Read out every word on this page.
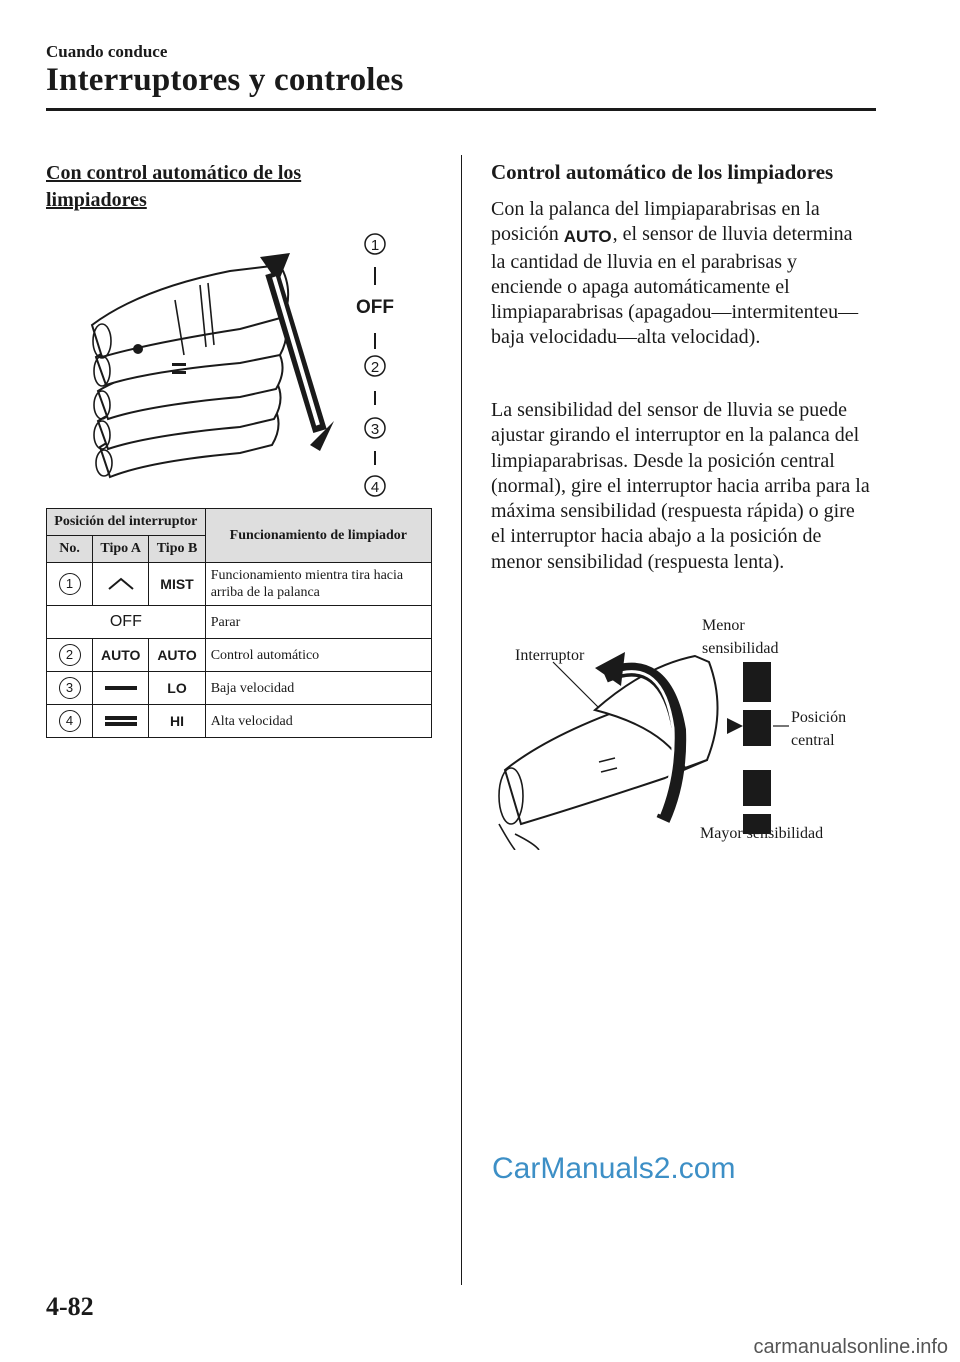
Cuando conduce
Interruptores y controles
Con control automático de los limpiadores
1
OFF
2
3
4
Posición del interruptor			Funcionamiento de limpiador
No.	Tipo A	Tipo B	
1		MIST	Funcionamiento mientra tira hacia arriba de la palanca
OFF			Parar
2	AUTO	AUTO	Control automático
3		LO	Baja velocidad
4		HI	Alta velocidad
Control automático de los limpiadores
Con la palanca del limpiaparabrisas en la posición AUTO, el sensor de lluvia determina la cantidad de lluvia en el parabrisas y enciende o apaga automáticamente el limpiaparabrisas (apagadou—intermitenteu—baja velocidadu—alta velocidad).
La sensibilidad del sensor de lluvia se puede ajustar girando el interruptor en la palanca del limpiaparabrisas. Desde la posición central (normal), gire el interruptor hacia arriba para la máxima sensibilidad (respuesta rápida) o gire el interruptor hacia abajo a la posición de menor sensibilidad (respuesta lenta).
Interruptor
Menor
sensibilidad
Posición
central
Mayor sensibilidad
CarManuals2.com
4-82
carmanualsonline.info
